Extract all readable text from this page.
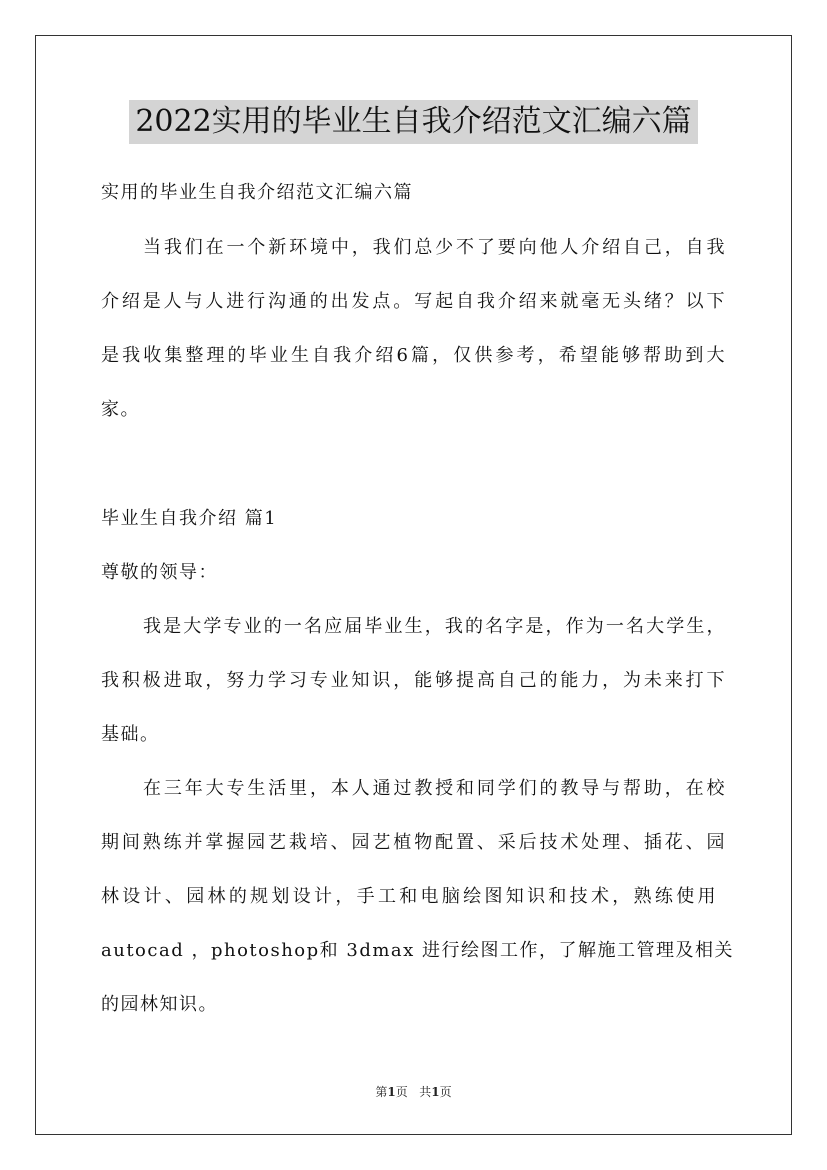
2022实用的毕业生自我介绍范文汇编六篇
实用的毕业生自我介绍范文汇编六篇
当我们在一个新环境中，我们总少不了要向他人介绍自己，自我
介绍是人与人进行沟通的出发点。写起自我介绍来就毫无头绪？以下
是我收集整理的毕业生自我介绍6篇，仅供参考，希望能够帮助到大
家。
毕业生自我介绍 篇1
尊敬的领导：
我是大学专业的一名应届毕业生，我的名字是，作为一名大学生，
我积极进取，努力学习专业知识，能够提高自己的能力，为未来打下
基础。
在三年大专生活里，本人通过教授和同学们的教导与帮助，在校
期间熟练并掌握园艺栽培、园艺植物配置、采后技术处理、插花、园
林设计、园林的规划设计，手工和电脑绘图知识和技术，熟练使用
autocad ，photoshop和 3dmax 进行绘图工作，了解施工管理及相关
的园林知识。
第1页 共1页
